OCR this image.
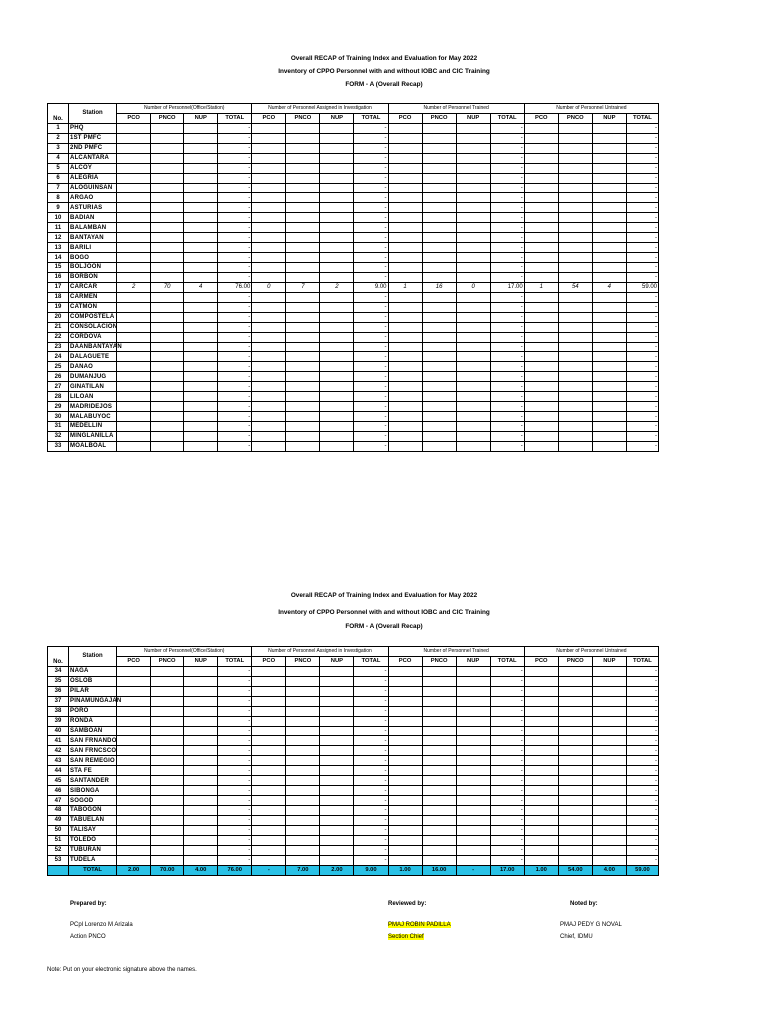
Overall RECAP of Training Index and Evaluation for May 2022
Inventory of CPPO Personnel with and without IOBC and CIC Training
FORM - A (Overall Recap)
No.	Station	Number of Personnel(Office/Station)				Number of Personnel Assigned in Investigation				Number of Personnel Trained				Number of Personnel Untrained			
		PCO	PNCO	NUP	TOTAL	PCO	PNCO	NUP	TOTAL	PCO	PNCO	NUP	TOTAL	PCO	PNCO	NUP	TOTAL
1	PHQ				-				-				-				-
2	1ST PMFC				-				-				-				-
3	2ND PMFC				-				-				-				-
4	ALCANTARA				-				-				-				-
5	ALCOY				-				-				-				-
6	ALEGRIA				-				-				-				-
7	ALOGUINSAN				-				-				-				-
8	ARGAO				-				-				-				-
9	ASTURIAS				-				-				-				-
10	BADIAN				-				-				-				-
11	BALAMBAN				-				-				-				-
12	BANTAYAN				-				-				-				-
13	BARILI				-				-				-				-
14	BOGO				-				-				-				-
15	BOLJOON				-				-				-				-
16	BORBON				-				-				-				-
17	CARCAR	2	70	4	76.00	0	7	2	9.00	1	16	0	17.00	1	54	4	59.00
18	CARMEN				-				-				-				-
19	CATMON				-				-				-				-
20	COMPOSTELA				-				-				-				-
21	CONSOLACION				-				-				-				-
22	CORDOVA				-				-				-				-
23	DAANBANTAYAN				-				-				-				-
24	DALAGUETE				-				-				-				-
25	DANAO				-				-				-				-
26	DUMANJUG				-				-				-				-
27	GINATILAN				-				-				-				-
28	LILOAN				-				-				-				-
29	MADRIDEJOS				-				-				-				-
30	MALABUYOC				-				-				-				-
31	MEDELLIN				-				-				-				-
32	MINGLANILLA				-				-				-				-
33	MOALBOAL				-				-				-				-
Overall RECAP of Training Index and Evaluation for May 2022
Inventory of CPPO Personnel with and without IOBC and CIC Training
FORM - A (Overall Recap)
No.	Station	Number of Personnel(Office/Station)				Number of Personnel Assigned in Investigation				Number of Personnel Trained				Number of Personnel Untrained			
		PCO	PNCO	NUP	TOTAL	PCO	PNCO	NUP	TOTAL	PCO	PNCO	NUP	TOTAL	PCO	PNCO	NUP	TOTAL
34	NAGA				-				-				-				-
35	OSLOB				-				-				-				-
36	PILAR				-				-				-				-
37	PINAMUNGAJAN				-				-				-				-
38	PORO				-				-				-				-
39	RONDA				-				-				-				-
40	SAMBOAN				-				-				-				-
41	SAN FRNANDO				-				-				-				-
42	SAN FRNCSCO				-				-				-				-
43	SAN REMEGIO				-				-				-				-
44	STA FE				-				-				-				-
45	SANTANDER				-				-				-				-
46	SIBONGA				-				-				-				-
47	SOGOD				-				-				-				-
48	TABOGON				-				-				-				-
49	TABUELAN				-				-				-				-
50	TALISAY				-				-				-				-
51	TOLEDO				-				-				-				-
52	TUBURAN				-				-				-				-
53	TUDELA				-				-				-				-
	TOTAL	2.00	70.00	4.00	76.00	-	7.00	2.00	9.00	1.00	16.00	-	17.00	1.00	54.00	4.00	59.00
Prepared by:
PCpl Lorenzo M Arizala
Action PNCO
Reviewed by:
PMAJ ROBIN PADILLA
Section Chief
Noted by:
PMAJ PEDY G NOVAL
Chief, IDMU
Note: Put on your electronic signature above the names.
